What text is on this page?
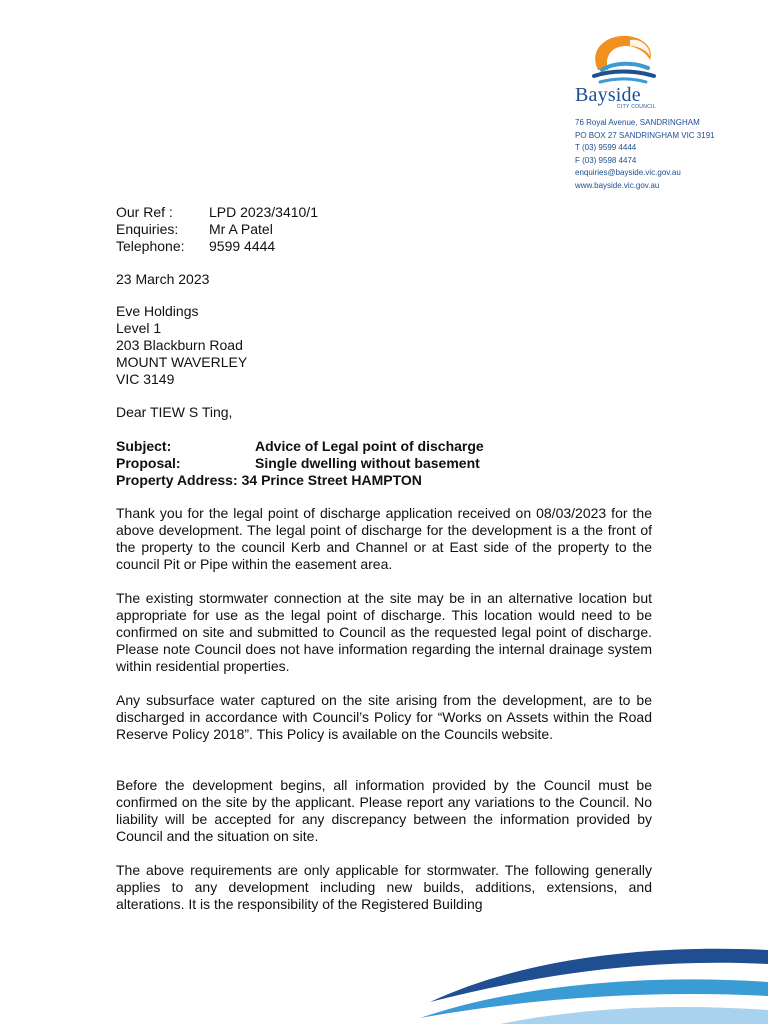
Bayside
CITY COUNCIL
76 Royal Avenue, SANDRINGHAM
PO BOX 27 SANDRINGHAM VIC 3191
T (03) 9599 4444
F (03) 9598 4474
enquiries@bayside.vic.gov.au
www.bayside.vic.gov.au
Our Ref :	LPD 2023/3410/1
Enquiries:	Mr A Patel
Telephone:	9599 4444
23 March 2023
Eve Holdings
Level 1
203 Blackburn Road
MOUNT WAVERLEY
VIC 3149
Dear TIEW S Ting,
Subject:	Advice of Legal point of discharge
Proposal:	Single dwelling without basement
Property Address: 34 Prince Street HAMPTON
Thank you for the legal point of discharge application received on 08/03/2023 for the above development. The legal point of discharge for the development is a the front of the property to the council Kerb and Channel or at East side of the property to the council Pit or Pipe within the easement area.
The existing stormwater connection at the site may be in an alternative location but appropriate for use as the legal point of discharge. This location would need to be confirmed on site and submitted to Council as the requested legal point of discharge. Please note Council does not have information regarding the internal drainage system within residential properties.
Any subsurface water captured on the site arising from the development, are to be discharged in accordance with Council’s Policy for “Works on Assets within the Road Reserve Policy 2018”. This Policy is available on the Councils website.
Before the development begins, all information provided by the Council must be confirmed on the site by the applicant. Please report any variations to the Council. No liability will be accepted for any discrepancy between the information provided by Council and the situation on site.
The above requirements are only applicable for stormwater. The following generally applies to any development including new builds, additions, extensions, and alterations. It is the responsibility of the Registered Building
